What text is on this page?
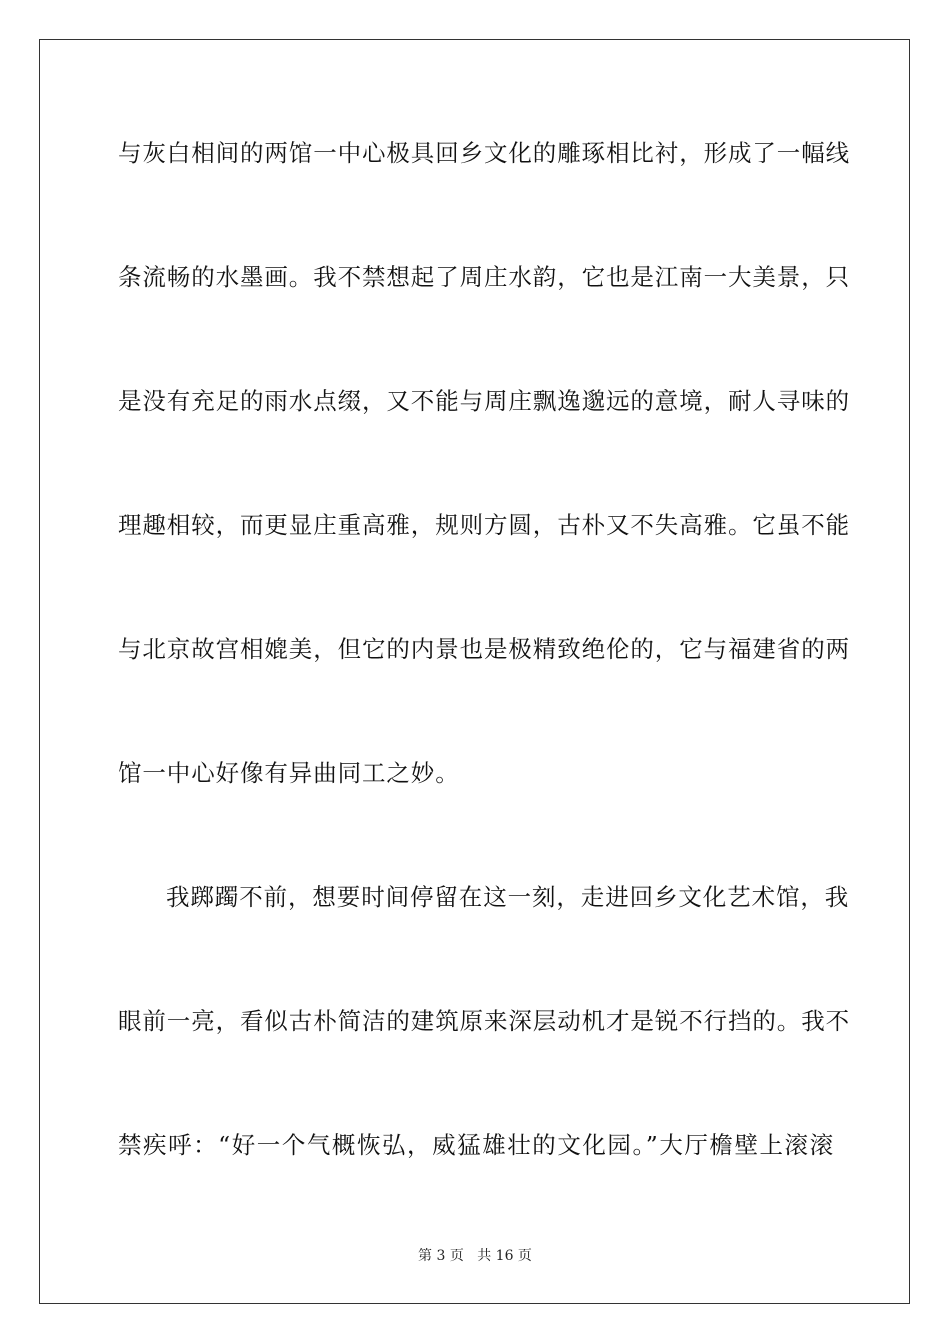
与灰白相间的两馆一中心极具回乡文化的雕琢相比衬，形成了一幅线
条流畅的水墨画。我不禁想起了周庄水韵，它也是江南一大美景，只
是没有充足的雨水点缀，又不能与周庄飘逸邈远的意境，耐人寻味的
理趣相较，而更显庄重高雅，规则方圆，古朴又不失高雅。它虽不能
与北京故宫相媲美，但它的内景也是极精致绝伦的，它与福建省的两
馆一中心好像有异曲同工之妙。
我踯躅不前，想要时间停留在这一刻，走进回乡文化艺术馆，我
眼前一亮，看似古朴简洁的建筑原来深层动机才是锐不行挡的。我不
禁疾呼：“好一个气概恢弘，威猛雄壮的文化园。”大厅檐壁上滚滚
第 3 页 共 16 页
